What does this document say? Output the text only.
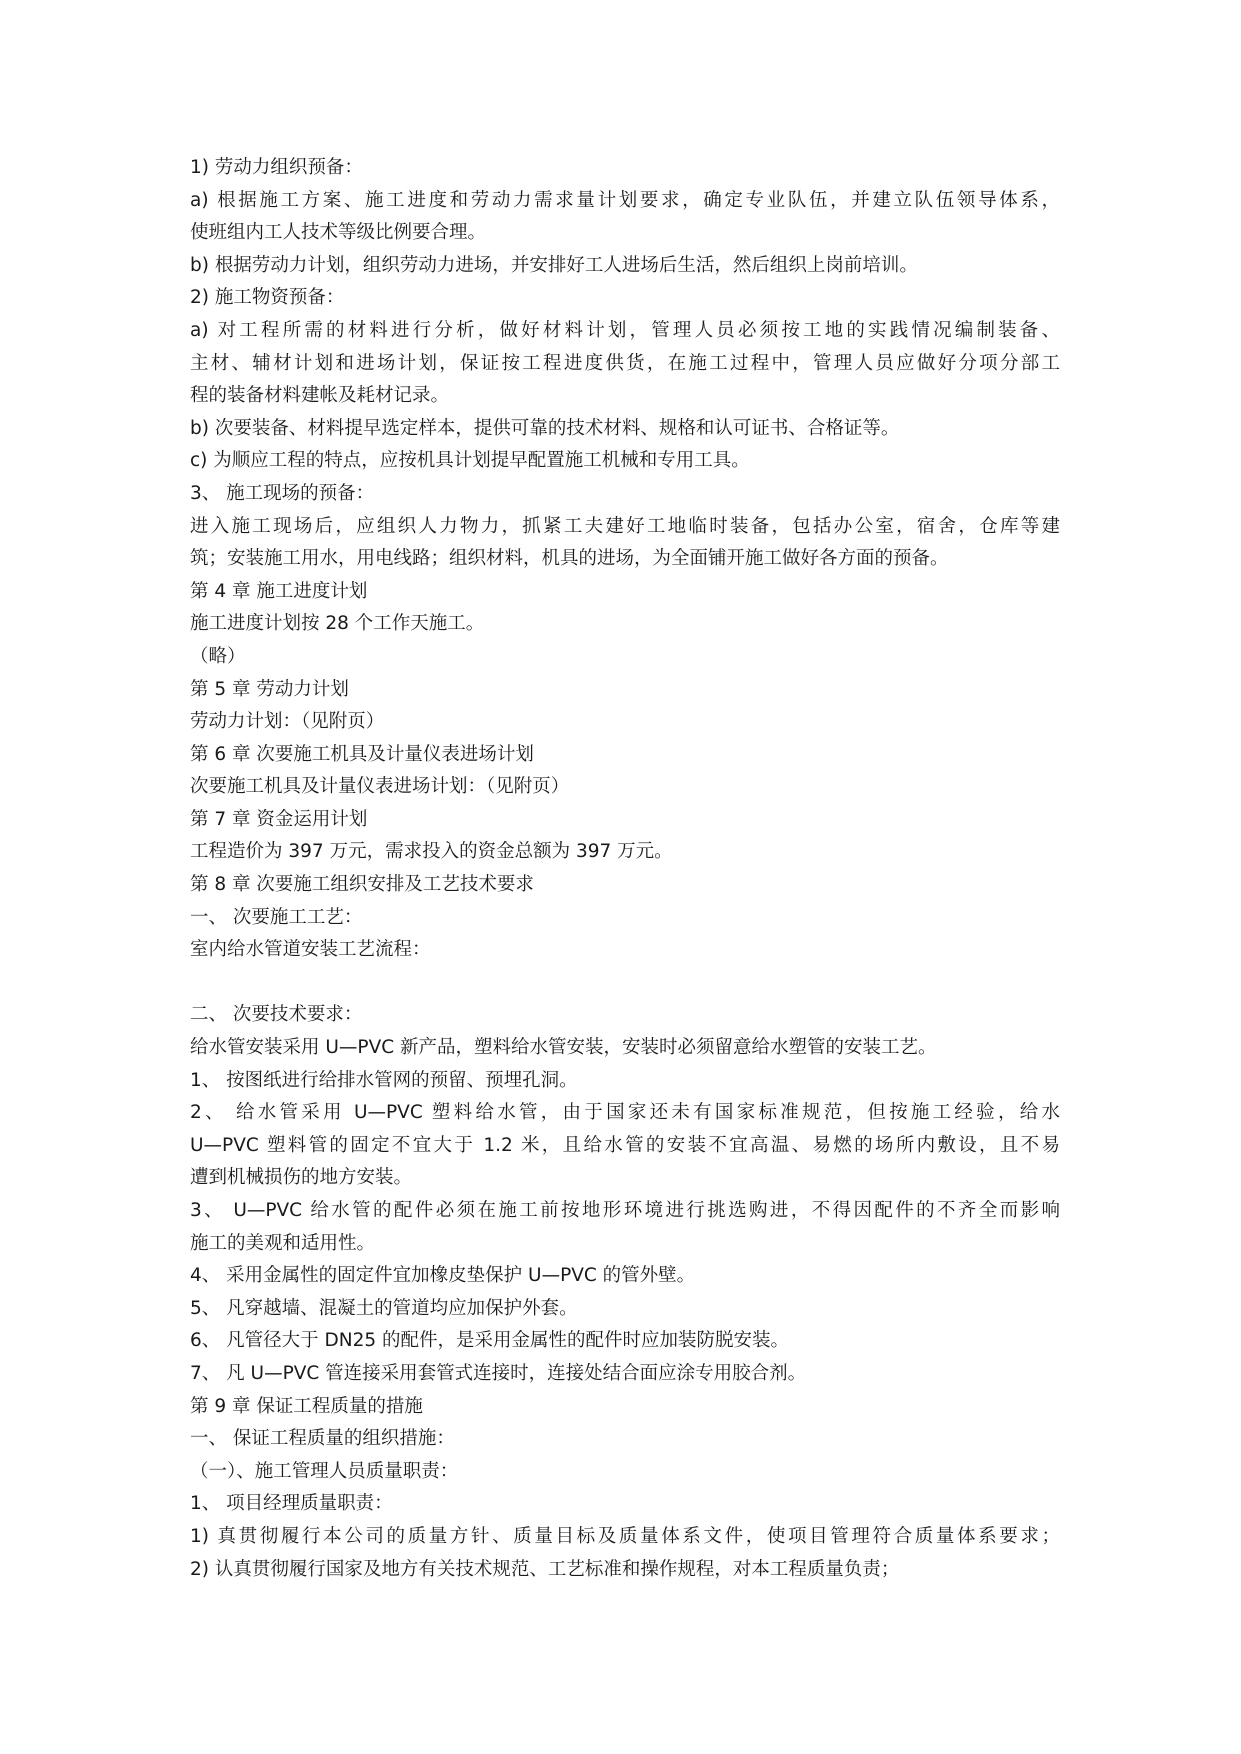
1) 劳动力组织预备：
a) 根据施工方案、施工进度和劳动力需求量计划要求，确定专业队伍，并建立队伍领导体系，
使班组内工人技术等级比例要合理。
b) 根据劳动力计划，组织劳动力进场，并安排好工人进场后生活，然后组织上岗前培训。
2) 施工物资预备：
a) 对工程所需的材料进行分析，做好材料计划，管理人员必须按工地的实践情况编制装备、
主材、辅材计划和进场计划，保证按工程进度供货，在施工过程中，管理人员应做好分项分部工
程的装备材料建帐及耗材记录。
b) 次要装备、材料提早选定样本，提供可靠的技术材料、规格和认可证书、合格证等。
c) 为顺应工程的特点，应按机具计划提早配置施工机械和专用工具。
3、 施工现场的预备：
进入施工现场后，应组织人力物力，抓紧工夫建好工地临时装备，包括办公室，宿舍，仓库等建
筑；安装施工用水，用电线路；组织材料，机具的进场，为全面铺开施工做好各方面的预备。
第 4 章 施工进度计划
施工进度计划按 28 个工作天施工。
（略）
第 5 章 劳动力计划
劳动力计划：（见附页）
第 6 章 次要施工机具及计量仪表进场计划
次要施工机具及计量仪表进场计划：（见附页）
第 7 章 资金运用计划
工程造价为 397 万元，需求投入的资金总额为 397 万元。
第 8 章 次要施工组织安排及工艺技术要求
一、 次要施工工艺：
室内给水管道安装工艺流程：
二、 次要技术要求：
给水管安装采用 U—PVC 新产品，塑料给水管安装，安装时必须留意给水塑管的安装工艺。
1、 按图纸进行给排水管网的预留、预埋孔洞。
2、 给水管采用 U—PVC 塑料给水管，由于国家还未有国家标准规范，但按施工经验，给水
U—PVC 塑料管的固定不宜大于 1.2 米，且给水管的安装不宜高温、易燃的场所内敷设，且不易
遭到机械损伤的地方安装。
3、 U—PVC 给水管的配件必须在施工前按地形环境进行挑选购进，不得因配件的不齐全而影响
施工的美观和适用性。
4、 采用金属性的固定件宜加橡皮垫保护 U—PVC 的管外壁。
5、 凡穿越墙、混凝土的管道均应加保护外套。
6、 凡管径大于 DN25 的配件，是采用金属性的配件时应加装防脱安装。
7、 凡 U—PVC 管连接采用套管式连接时，连接处结合面应涂专用胶合剂。
第 9 章 保证工程质量的措施
一、 保证工程质量的组织措施：
（一）、施工管理人员质量职责：
1、 项目经理质量职责：
1) 真贯彻履行本公司的质量方针、质量目标及质量体系文件，使项目管理符合质量体系要求；
2) 认真贯彻履行国家及地方有关技术规范、工艺标准和操作规程，对本工程质量负责；
